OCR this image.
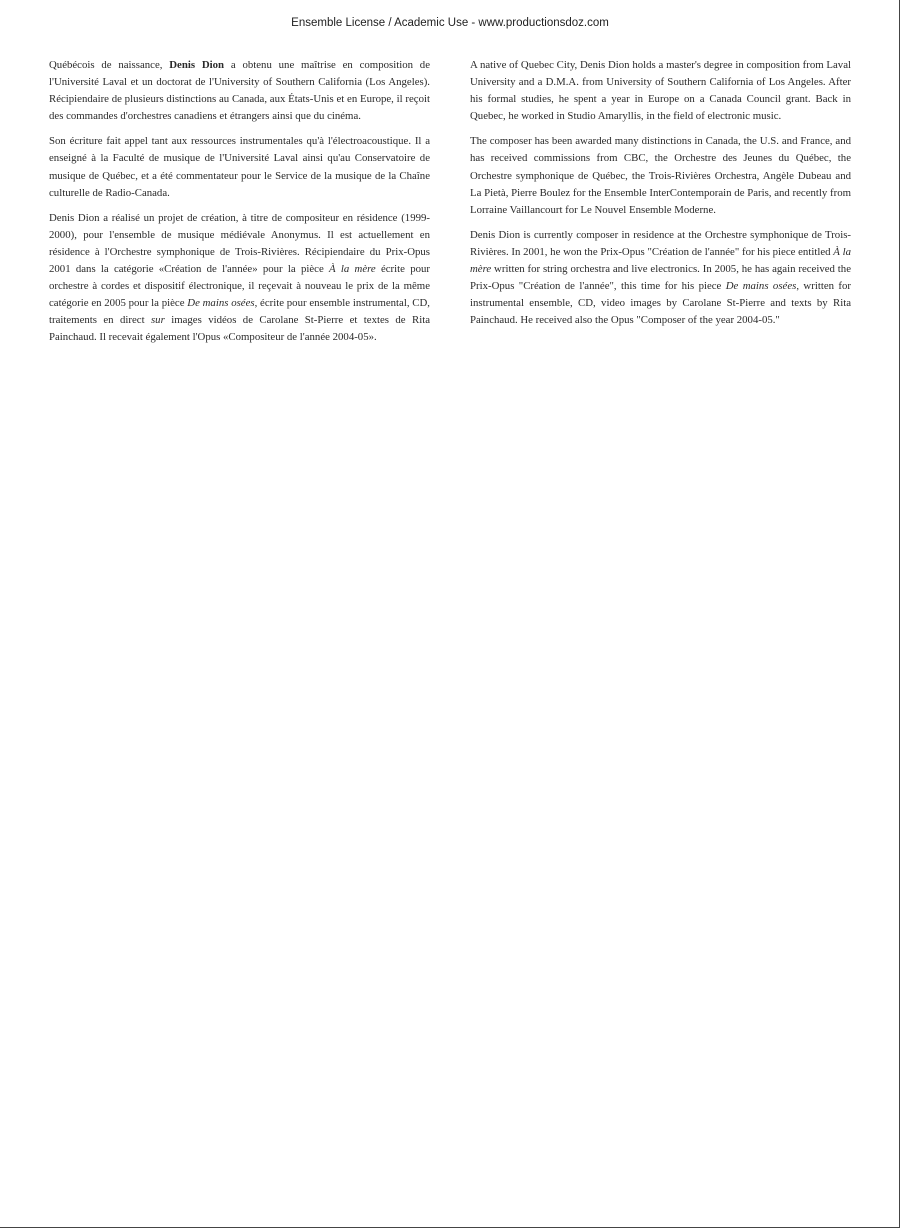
Ensemble License / Academic Use - www.productionsdoz.com

Québécois de naissance, Denis Dion a obtenu une maîtrise en composition de l'Université Laval et un doctorat de l'University of Southern California (Los Angeles). Récipiendaire de plusieurs distinctions au Canada, aux États-Unis et en Europe, il reçoit des commandes d'orchestres canadiens et étrangers ainsi que du cinéma.

Son écriture fait appel tant aux ressources instrumentales qu'à l'électroacoustique. Il a enseigné à la Faculté de musique de l'Université Laval ainsi qu'au Conservatoire de musique de Québec, et a été commentateur pour le Service de la musique de la Chaîne culturelle de Radio-Canada.

Denis Dion a réalisé un projet de création, à titre de compositeur en résidence (1999-2000), pour l'ensemble de musique médiévale Anonymus. Il est actuellement en résidence à l'Orchestre symphonique de Trois-Rivières. Récipiendaire du Prix-Opus 2001 dans la catégorie «Création de l'année» pour la pièce À la mère écrite pour orchestre à cordes et dispositif électronique, il reçevait à nouveau le prix de la même catégorie en 2005 pour la pièce De mains osées, écrite pour ensemble instrumental, CD, traitements en direct sur images vidéos de Carolane St-Pierre et textes de Rita Painchaud. Il recevait également l'Opus «Compositeur de l'année 2004-05».

A native of Quebec City, Denis Dion holds a master's degree in composition from Laval University and a D.M.A. from University of Southern California of Los Angeles. After his formal studies, he spent a year in Europe on a Canada Council grant. Back in Quebec, he worked in Studio Amaryllis, in the field of electronic music.

The composer has been awarded many distinctions in Canada, the U.S. and France, and has received commissions from CBC, the Orchestre des Jeunes du Québec, the Orchestre symphonique de Québec, the Trois-Rivières Orchestra, Angèle Dubeau and La Pietà, Pierre Boulez for the Ensemble InterContemporain de Paris, and recently from Lorraine Vaillancourt for Le Nouvel Ensemble Moderne.

Denis Dion is currently composer in residence at the Orchestre symphonique de Trois-Rivières. In 2001, he won the Prix-Opus "Création de l'année" for his piece entitled À la mère written for string orchestra and live electronics. In 2005, he has again received the Prix-Opus "Création de l'année", this time for his piece De mains osées, written for instrumental ensemble, CD, video images by Carolane St-Pierre and texts by Rita Painchaud. He received also the Opus "Composer of the year 2004-05."
